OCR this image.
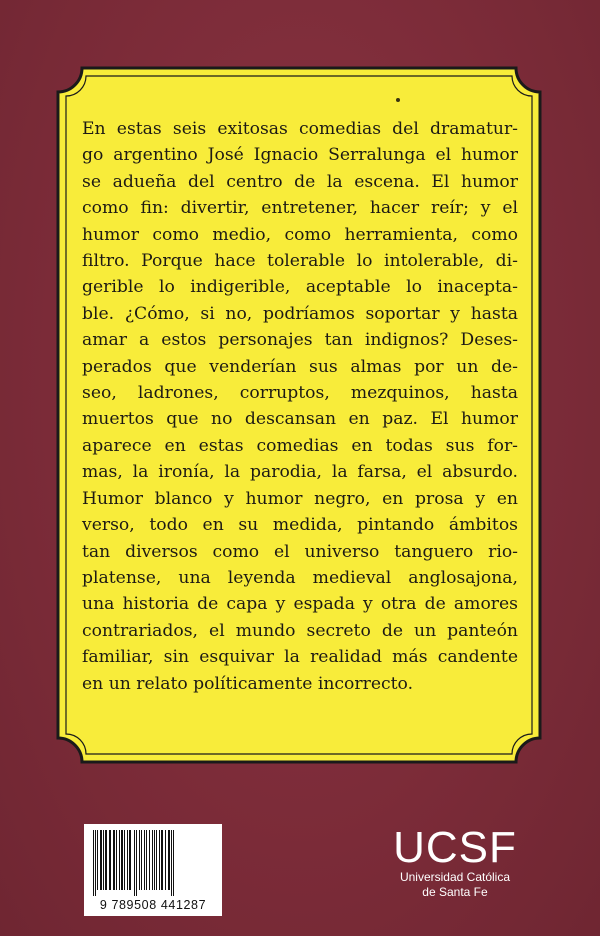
En estas seis exitosas comedias del dramatur-
go argentino José Ignacio Serralunga el humor
se adueña del centro de la escena. El humor
como fin: divertir, entretener, hacer reír; y el
humor como medio, como herramienta, como
filtro. Porque hace tolerable lo intolerable, di-
gerible lo indigerible, aceptable lo inacepta-
ble. ¿Cómo, si no, podríamos soportar y hasta
amar a estos personajes tan indignos? Deses-
perados que venderían sus almas por un de-
seo, ladrones, corruptos, mezquinos, hasta
muertos que no descansan en paz. El humor
aparece en estas comedias en todas sus for-
mas, la ironía, la parodia, la farsa, el absurdo.
Humor blanco y humor negro, en prosa y en
verso, todo en su medida, pintando ámbitos
tan diversos como el universo tanguero rio-
platense, una leyenda medieval anglosajona,
una historia de capa y espada y otra de amores
contrariados, el mundo secreto de un panteón
familiar, sin esquivar la realidad más candente
en un relato políticamente incorrecto.
9 789508 441287
UCSF
Universidad Católica
de Santa Fe
